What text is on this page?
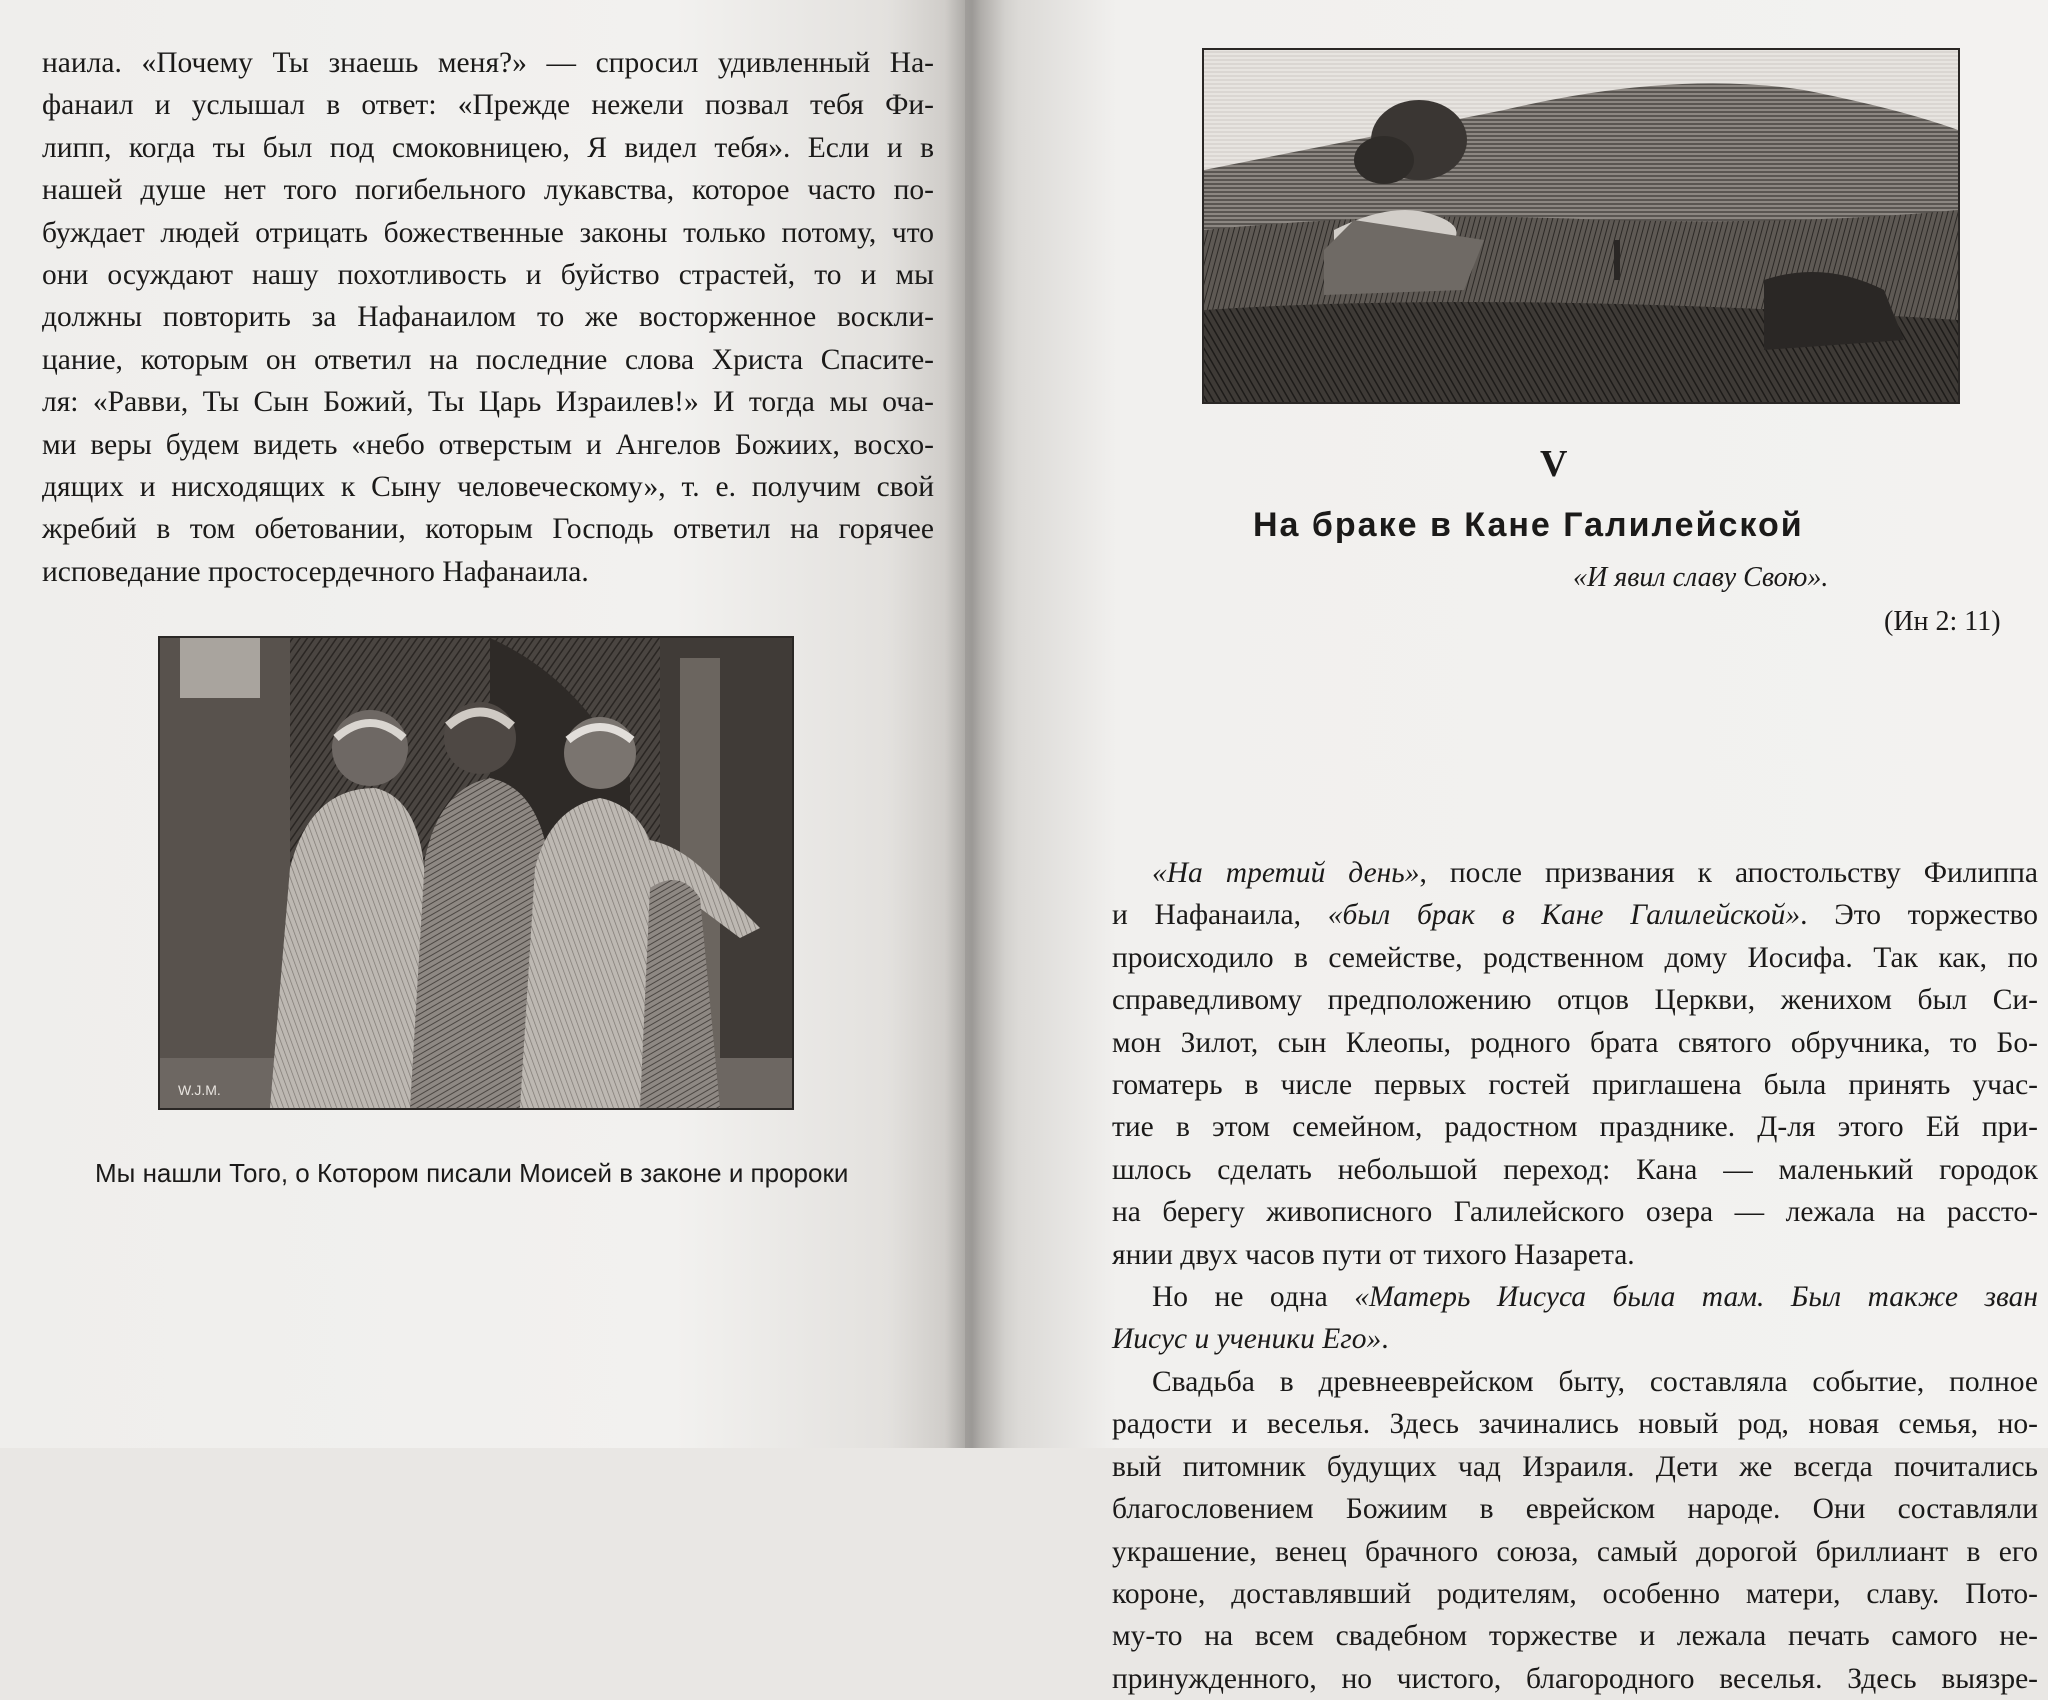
наила. «Почему Ты знаешь меня?» — спросил удивленный На-
фанаил и услышал в ответ: «Прежде нежели позвал тебя Фи-
липп, когда ты был под смоковницею, Я видел тебя». Если и в
нашей душе нет того погибельного лукавства, которое часто по-
буждает людей отрицать божественные законы только потому, что
они осуждают нашу похотливость и буйство страстей, то и мы
должны повторить за Нафанаилом то же восторженное воскли-
цание, которым он ответил на последние слова Христа Спасите-
ля: «Равви, Ты Сын Божий, Ты Царь Израилев!» И тогда мы оча-
ми веры будем видеть «небо отверстым и Ангелов Божиих, восхо-
дящих и нисходящих к Сыну человеческому», т. е. получим свой
жребий в том обетовании, которым Господь ответил на горячее
исповедание простосердечного Нафанаила.
W.J.M.
Мы нашли Того, о Котором писали Моисей в законе и пророки
V
На браке в Кане Галилейской
«И явил славу Свою».
(Ин 2: 11)
«На третий день», после призвания к апостольству Филиппа
и Нафанаила, «был брак в Кане Галилейской». Это торжество
происходило в семействе, родственном дому Иосифа. Так как, по
справедливому предположению отцов Церкви, женихом был Си-
мон Зилот, сын Клеопы, родного брата святого обручника, то Бо-
гоматерь в числе первых гостей приглашена была принять учас-
тие в этом семейном, радостном празднике. Д-ля этого Ей при-
шлось сделать небольшой переход: Кана — маленький городок
на берегу живописного Галилейского озера — лежала на рассто-
янии двух часов пути от тихого Назарета.
Но не одна «Матерь Иисуса была там. Был также зван
Иисус и ученики Его».
Свадьба в древнееврейском быту, составляла событие, полное
радости и веселья. Здесь зачинались новый род, новая семья, но-
вый питомник будущих чад Израиля. Дети же всегда почитались
благословением Божиим в еврейском народе. Они составляли
украшение, венец брачного союза, самый дорогой бриллиант в его
короне, доставлявший родителям, особенно матери, славу. Пото-
му-то на всем свадебном торжестве и лежала печать самого не-
принужденного, но чистого, благородного веселья. Здесь выязре-
